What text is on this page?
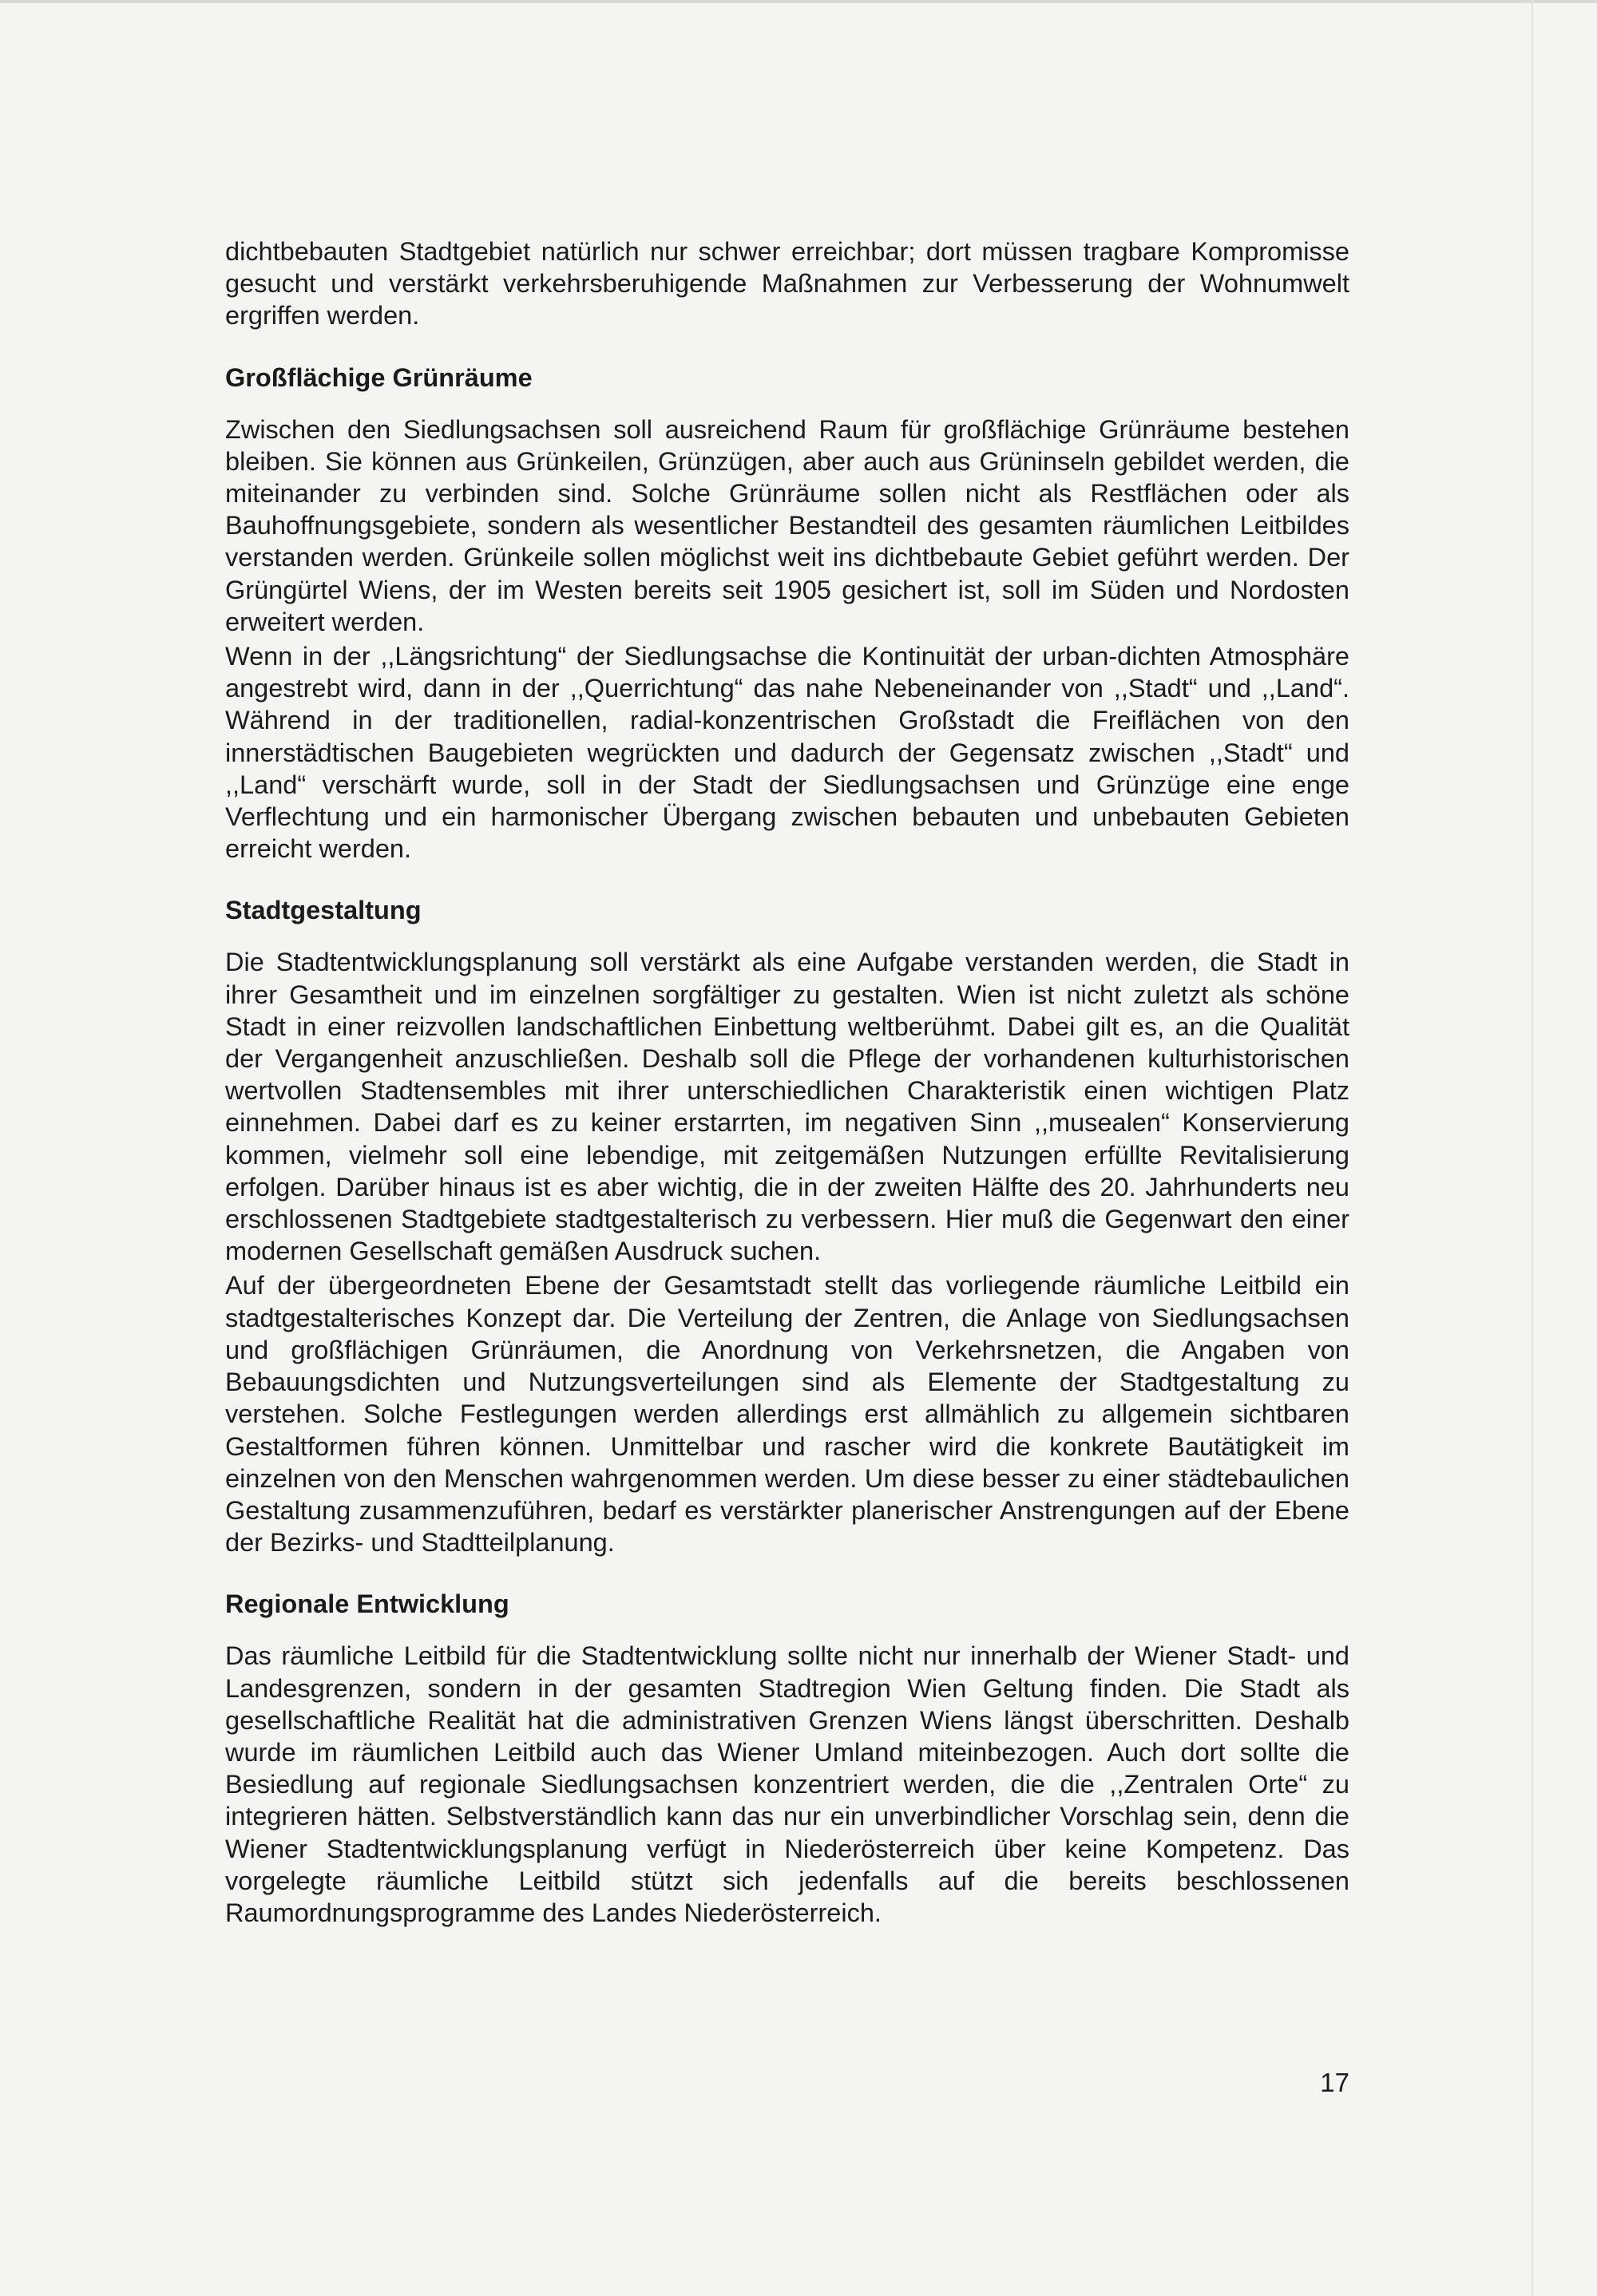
dichtbebauten Stadtgebiet natürlich nur schwer erreichbar; dort müssen tragbare Kompromisse gesucht und verstärkt verkehrsberuhigende Maßnahmen zur Verbesserung der Wohnumwelt ergriffen werden.

Großflächige Grünräume

Zwischen den Siedlungsachsen soll ausreichend Raum für großflächige Grünräume bestehen bleiben. Sie können aus Grünkeilen, Grünzügen, aber auch aus Grüninseln gebildet werden, die miteinander zu verbinden sind. Solche Grünräume sollen nicht als Restflächen oder als Bauhoffnungsgebiete, sondern als wesentlicher Bestandteil des gesamten räumlichen Leitbildes verstanden werden. Grünkeile sollen möglichst weit ins dichtbebaute Gebiet geführt werden. Der Grüngürtel Wiens, der im Westen bereits seit 1905 gesichert ist, soll im Süden und Nordosten erweitert werden.

Wenn in der ,,Längsrichtung“ der Siedlungsachse die Kontinuität der urban-dichten Atmosphäre angestrebt wird, dann in der ,,Querrichtung“ das nahe Nebeneinander von ,,Stadt“ und ,,Land“. Während in der traditionellen, radial-konzentrischen Großstadt die Freiflächen von den innerstädtischen Baugebieten wegrückten und dadurch der Gegensatz zwischen ,,Stadt“ und ,,Land“ verschärft wurde, soll in der Stadt der Siedlungsachsen und Grünzüge eine enge Verflechtung und ein harmonischer Übergang zwischen bebauten und unbebauten Gebieten erreicht werden.

Stadtgestaltung

Die Stadtentwicklungsplanung soll verstärkt als eine Aufgabe verstanden werden, die Stadt in ihrer Gesamtheit und im einzelnen sorgfältiger zu gestalten. Wien ist nicht zuletzt als schöne Stadt in einer reizvollen landschaftlichen Einbettung weltberühmt. Dabei gilt es, an die Qualität der Vergangenheit anzuschließen. Deshalb soll die Pflege der vorhandenen kulturhistorischen wertvollen Stadtensembles mit ihrer unterschiedlichen Charakteristik einen wichtigen Platz einnehmen. Dabei darf es zu keiner erstarrten, im negativen Sinn ,,musealen“ Konservierung kommen, vielmehr soll eine lebendige, mit zeitgemäßen Nutzungen erfüllte Revitalisierung erfolgen. Darüber hinaus ist es aber wichtig, die in der zweiten Hälfte des 20. Jahrhunderts neu erschlossenen Stadtgebiete stadtgestalterisch zu verbessern. Hier muß die Gegenwart den einer modernen Gesellschaft gemäßen Ausdruck suchen.

Auf der übergeordneten Ebene der Gesamtstadt stellt das vorliegende räumliche Leitbild ein stadtgestalterisches Konzept dar. Die Verteilung der Zentren, die Anlage von Siedlungsachsen und großflächigen Grünräumen, die Anordnung von Verkehrsnetzen, die Angaben von Bebauungsdichten und Nutzungsverteilungen sind als Elemente der Stadtgestaltung zu verstehen. Solche Festlegungen werden allerdings erst allmählich zu allgemein sichtbaren Gestaltformen führen können. Unmittelbar und rascher wird die konkrete Bautätigkeit im einzelnen von den Menschen wahrgenommen werden. Um diese besser zu einer städtebaulichen Gestaltung zusammenzuführen, bedarf es verstärkter planerischer Anstrengungen auf der Ebene der Bezirks- und Stadtteilplanung.

Regionale Entwicklung

Das räumliche Leitbild für die Stadtentwicklung sollte nicht nur innerhalb der Wiener Stadt- und Landesgrenzen, sondern in der gesamten Stadtregion Wien Geltung finden. Die Stadt als gesellschaftliche Realität hat die administrativen Grenzen Wiens längst überschritten. Deshalb wurde im räumlichen Leitbild auch das Wiener Umland miteinbezogen. Auch dort sollte die Besiedlung auf regionale Siedlungsachsen konzentriert werden, die die ,,Zentralen Orte“ zu integrieren hätten. Selbstverständlich kann das nur ein unverbindlicher Vorschlag sein, denn die Wiener Stadtentwicklungsplanung verfügt in Niederösterreich über keine Kompetenz. Das vorgelegte räumliche Leitbild stützt sich jedenfalls auf die bereits beschlossenen Raumordnungsprogramme des Landes Niederösterreich.

17
